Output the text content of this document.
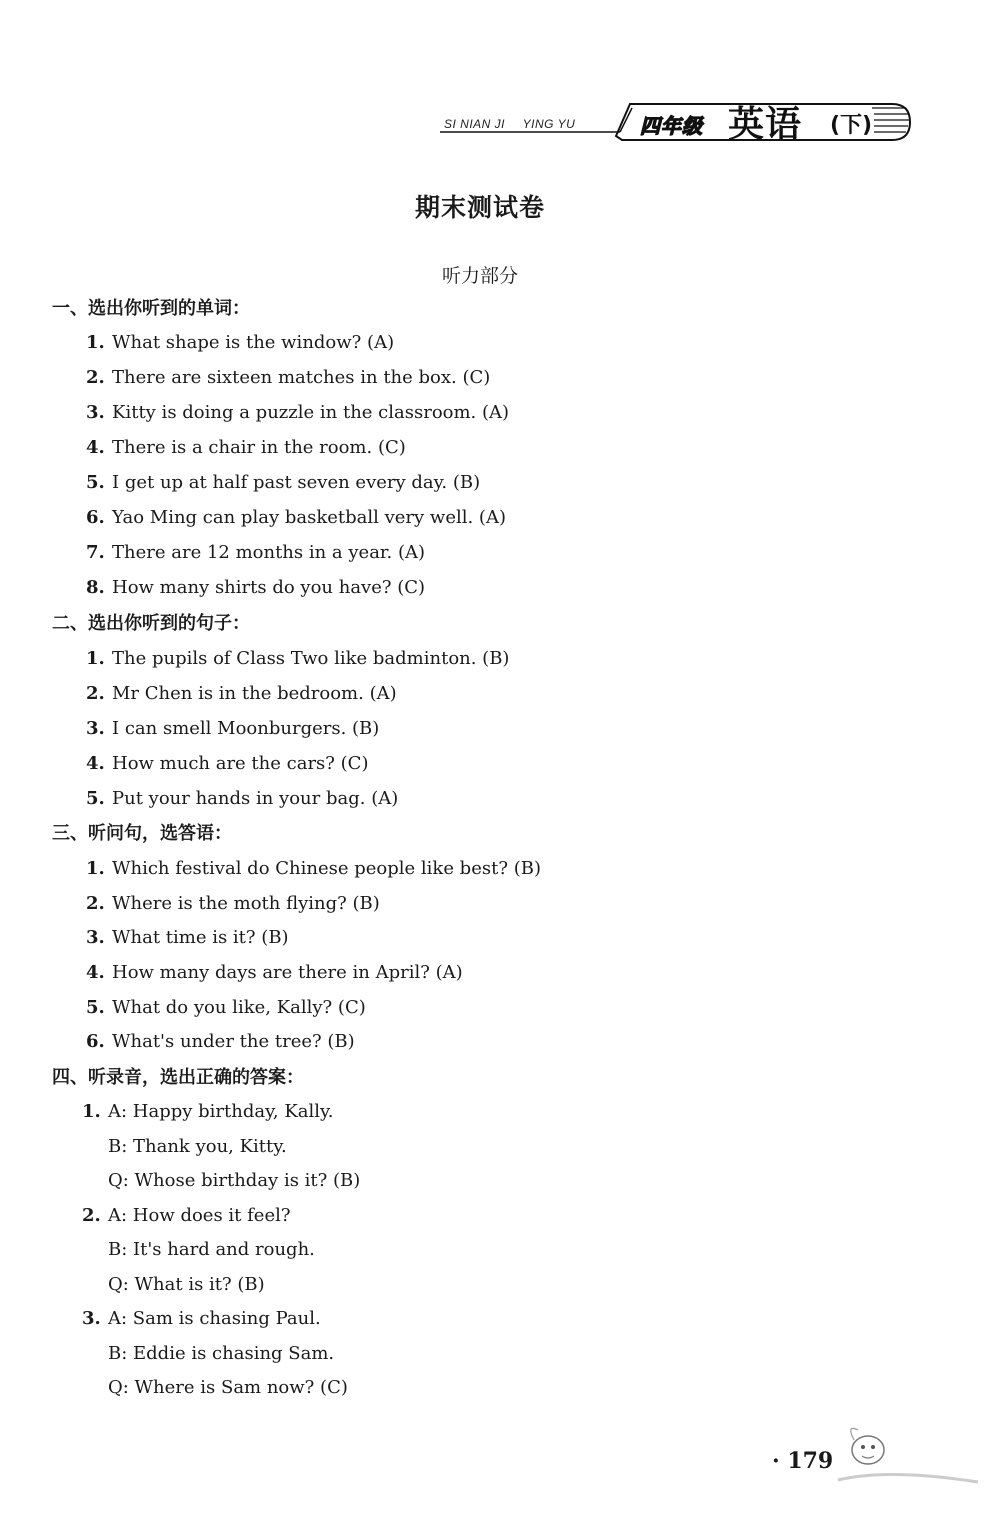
SI NIAN JI YING YU	四年级 英语 (下)
期末测试卷
听力部分
一、选出你听到的单词：
1. What shape is the window? (A)
2. There are sixteen matches in the box. (C)
3. Kitty is doing a puzzle in the classroom. (A)
4. There is a chair in the room. (C)
5. I get up at half past seven every day. (B)
6. Yao Ming can play basketball very well. (A)
7. There are 12 months in a year. (A)
8. How many shirts do you have? (C)
二、选出你听到的句子：
1. The pupils of Class Two like badminton. (B)
2. Mr Chen is in the bedroom. (A)
3. I can smell Moonburgers. (B)
4. How much are the cars? (C)
5. Put your hands in your bag. (A)
三、听问句，选答语：
1. Which festival do Chinese people like best? (B)
2. Where is the moth flying? (B)
3. What time is it? (B)
4. How many days are there in April? (A)
5. What do you like, Kally? (C)
6. What's under the tree? (B)
四、听录音，选出正确的答案：
1. A: Happy birthday, Kally.
B: Thank you, Kitty.
Q: Whose birthday is it? (B)
2. A: How does it feel?
B: It's hard and rough.
Q: What is it? (B)
3. A: Sam is chasing Paul.
B: Eddie is chasing Sam.
Q: Where is Sam now? (C)
· 179
